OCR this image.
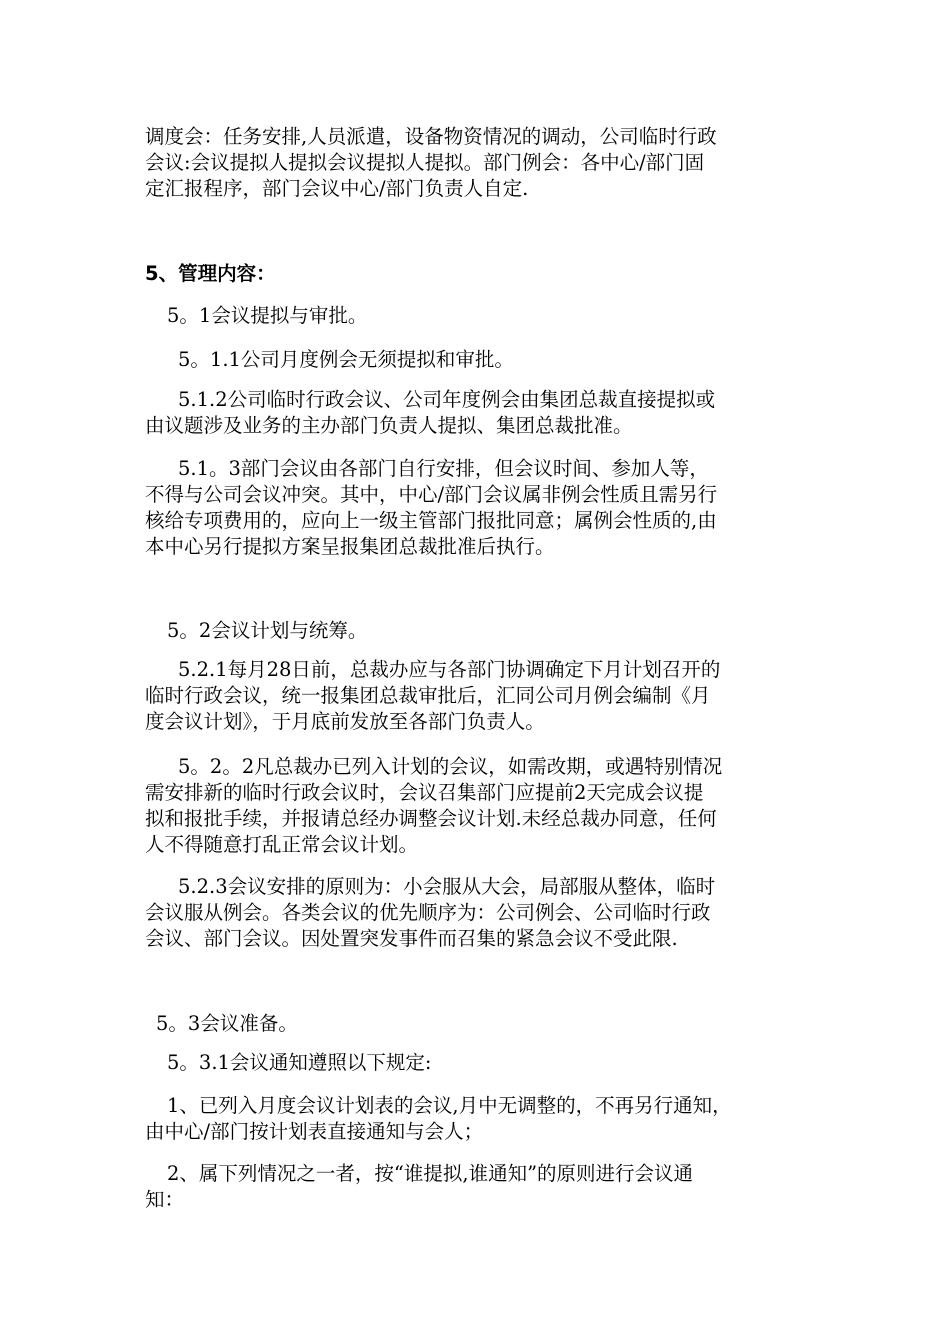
调度会：任务安排,人员派遣，设备物资情况的调动，公司临时行政
会议:会议提拟人提拟会议提拟人提拟。部门例会：各中心/部门固
定汇报程序，部门会议中心/部门负责人自定.
5、管理内容：
5。1会议提拟与审批。
5。1.1公司月度例会无须提拟和审批。
5.1.2公司临时行政会议、公司年度例会由集团总裁直接提拟或
由议题涉及业务的主办部门负责人提拟、集团总裁批准。
5.1。3部门会议由各部门自行安排，但会议时间、参加人等，
不得与公司会议冲突。其中，中心/部门会议属非例会性质且需另行
核给专项费用的，应向上一级主管部门报批同意；属例会性质的,由
本中心另行提拟方案呈报集团总裁批准后执行。
5。2会议计划与统筹。
5.2.1每月28日前，总裁办应与各部门协调确定下月计划召开的
临时行政会议，统一报集团总裁审批后，汇同公司月例会编制《月
度会议计划》，于月底前发放至各部门负责人。
5。2。2凡总裁办已列入计划的会议，如需改期，或遇特别情况
需安排新的临时行政会议时，会议召集部门应提前2天完成会议提
拟和报批手续，并报请总经办调整会议计划.未经总裁办同意，任何
人不得随意打乱正常会议计划。
5.2.3会议安排的原则为：小会服从大会，局部服从整体，临时
会议服从例会。各类会议的优先顺序为：公司例会、公司临时行政
会议、部门会议。因处置突发事件而召集的紧急会议不受此限.
5。3会议准备。
5。3.1会议通知遵照以下规定:
1、已列入月度会议计划表的会议,月中无调整的，不再另行通知，
由中心/部门按计划表直接通知与会人；
2、属下列情况之一者，按“谁提拟,谁通知”的原则进行会议通
知：
